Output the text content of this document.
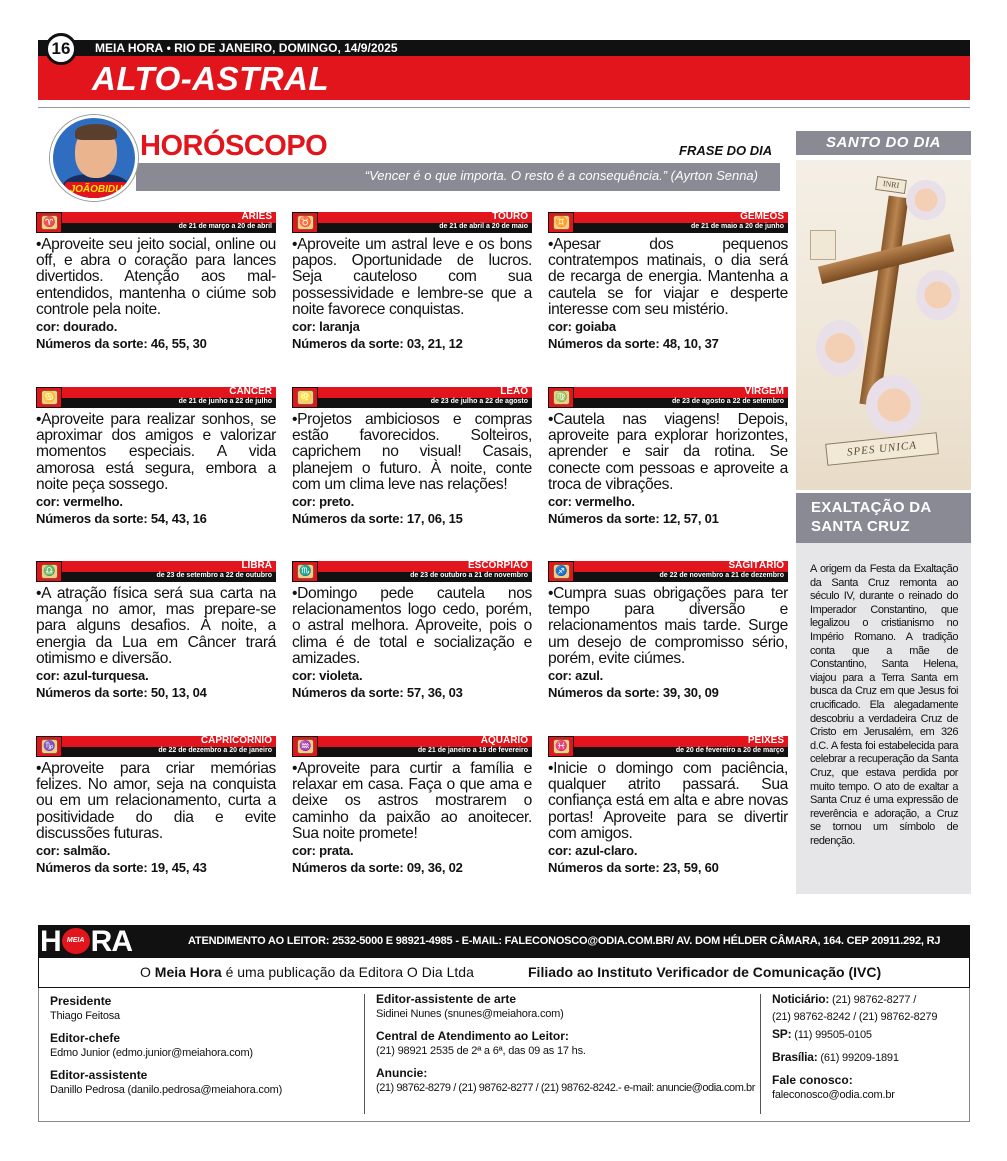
16	MEIA HORA • RIO DE JANEIRO, DOMINGO, 14/9/2025
ALTO-ASTRAL
JOÃOBIDU
HORÓSCOPO	FRASE DO DIA
“Vencer é o que importa. O resto é a consequência.” (Ayrton Senna)
♈
ÁRIES
de 21 de março a 20 de abril
•Aproveite seu jeito social, online ou off, e abra o coração para lances divertidos. Atenção aos mal-entendidos, mantenha o ciúme sob controle pela noite.
cor: dourado.
Números da sorte: 46, 55, 30
♉
TOURO
de 21 de abril a 20 de maio
•Aproveite um astral leve e os bons papos. Oportunidade de lucros. Seja cauteloso com sua possessividade e lembre-se que a noite favorece conquistas.
cor: laranja
Números da sorte: 03, 21, 12
♊
GÊMEOS
de 21 de maio a 20 de junho
•Apesar dos pequenos contratempos matinais, o dia será de recarga de energia. Mantenha a cautela se for viajar e desperte interesse com seu mistério.
cor: goiaba
Números da sorte: 48, 10, 37
♋
CÂNCER
de 21 de junho a 22 de julho
•Aproveite para realizar sonhos, se aproximar dos amigos e valorizar momentos especiais. A vida amorosa está segura, embora a noite peça sossego.
cor: vermelho.
Números da sorte: 54, 43, 16
♌
LEÃO
de 23 de julho a 22 de agosto
•Projetos ambiciosos e compras estão favorecidos. Solteiros, caprichem no visual! Casais, planejem o futuro. À noite, conte com um clima leve nas relações!
cor: preto.
Números da sorte: 17, 06, 15
♍
VIRGEM
de 23 de agosto a 22 de setembro
•Cautela nas viagens! Depois, aproveite para explorar horizontes, aprender e sair da rotina. Se conecte com pessoas e aproveite a troca de vibrações.
cor: vermelho.
Números da sorte: 12, 57, 01
♎
LIBRA
de 23 de setembro a 22 de outubro
•A atração física será sua carta na manga no amor, mas prepare-se para alguns desafios. À noite, a energia da Lua em Câncer trará otimismo e diversão.
cor: azul-turquesa.
Números da sorte: 50, 13, 04
♏
ESCORPIÃO
de 23 de outubro a 21 de novembro
•Domingo pede cautela nos relacionamentos logo cedo, porém, o astral melhora. Aproveite, pois o clima é de total e socialização e amizades.
cor: violeta.
Números da sorte: 57, 36, 03
♐
SAGITÁRIO
de 22 de novembro a 21 de dezembro
•Cumpra suas obrigações para ter tempo para diversão e relacionamentos mais tarde. Surge um desejo de compromisso sério, porém, evite ciúmes.
cor: azul.
Números da sorte: 39, 30, 09
♑
CAPRICÓRNIO
de 22 de dezembro a 20 de janeiro
•Aproveite para criar memórias felizes. No amor, seja na conquista ou em um relacionamento, curta a positividade do dia e evite discussões futuras.
cor: salmão.
Números da sorte: 19, 45, 43
♒
AQUÁRIO
de 21 de janeiro a 19 de fevereiro
•Aproveite para curtir a família e relaxar em casa. Faça o que ama e deixe os astros mostrarem o caminho da paixão ao anoitecer. Sua noite promete!
cor: prata.
Números da sorte: 09, 36, 02
♓
PEIXES
de 20 de fevereiro a 20 de março
•Inicie o domingo com paciência, qualquer atrito passará. Sua confiança está em alta e abre novas portas! Aproveite para se divertir com amigos.
cor: azul-claro.
Números da sorte: 23, 59, 60
SANTO DO DIA
INRI
SPES UNICA
EXALTAÇÃO DA SANTA CRUZ
A origem da Festa da Exaltação da Santa Cruz remonta ao século IV, durante o reinado do Imperador Constantino, que legalizou o cristianismo no Império Romano. A tradição conta que a mãe de Constantino, Santa Helena, viajou para a Terra Santa em busca da Cruz em que Jesus foi crucificado. Ela alegadamente descobriu a verdadeira Cruz de Cristo em Jerusalém, em 326 d.C. A festa foi estabelecida para celebrar a recuperação da Santa Cruz, que estava perdida por muito tempo. O ato de exaltar a Santa Cruz é uma expressão de reverência e adoração, a Cruz se tornou um símbolo de redenção.
H MEIA RA	ATENDIMENTO AO LEITOR: 2532-5000 E 98921-4985 - E-MAIL: FALECONOSCO@ODIA.COM.BR/ AV. DOM HÉLDER CÂMARA, 164. CEP 20911.292, RJ
O Meia Hora é uma publicação da Editora O Dia Ltda	Filiado ao Instituto Verificador de Comunicação (IVC)
Presidente
Thiago Feitosa
Editor-chefe
Edmo Junior (edmo.junior@meiahora.com)
Editor-assistente
Danillo Pedrosa (danilo.pedrosa@meiahora.com)
Editor-assistente de arte
Sidinei Nunes (snunes@meiahora.com)
Central de Atendimento ao Leitor:
(21) 98921 2535 de 2ª a 6ª, das 09 as 17 hs.
Anuncie:
(21) 98762-8279 / (21) 98762-8277 / (21) 98762-8242.- e-mail: anuncie@odia.com.br
Noticiário: (21) 98762-8277 /
(21) 98762-8242 / (21) 98762-8279
SP: (11) 99505-0105
Brasília: (61) 99209-1891
Fale conosco:
faleconosco@odia.com.br
